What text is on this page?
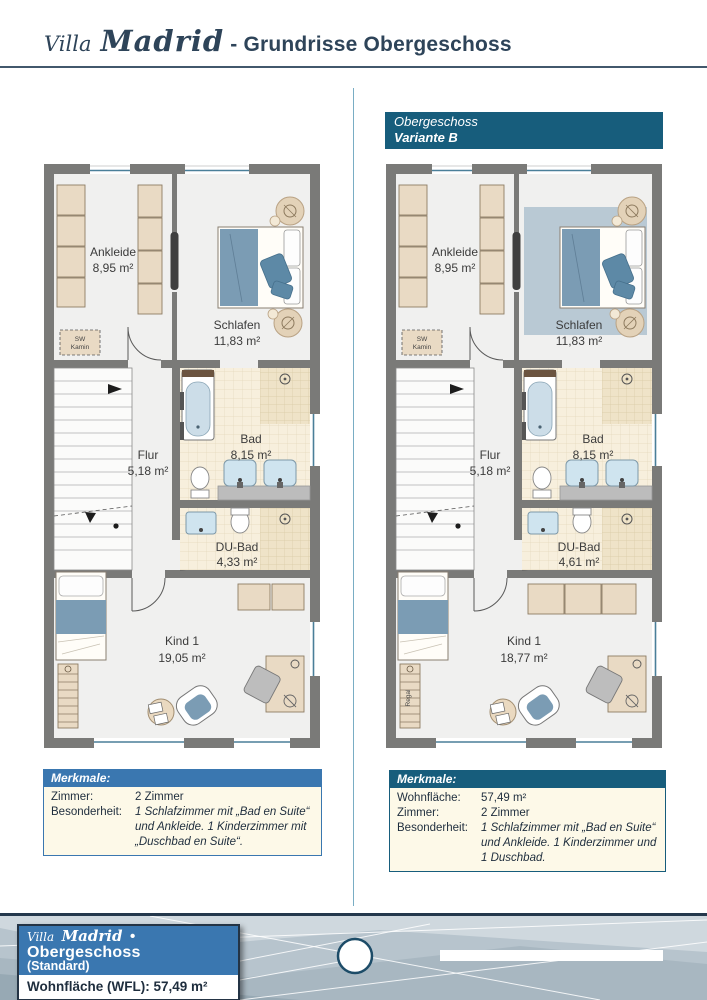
Villa Madrid - Grundrisse Obergeschoss
Obergeschoss
Variante B
Ankleide
8,95 m²
Schlafen
11,83 m²
Flur
5,18 m²
Bad
8,15 m²
DU-Bad
4,33 m²
Kind 1
19,05 m²
SW
Kamin
Ankleide
8,95 m²
Schlafen
11,83 m²
Flur
5,18 m²
Bad
8,15 m²
DU-Bad
4,61 m²
Kind 1
18,77 m²
SW
Kamin
Regal
Merkmale:
Zimmer:	2 Zimmer
Besonderheit:	1 Schlafzimmer mit „Bad en Suite“ und Ankleide. 1 Kinderzimmer mit „Duschbad en Suite“.
Merkmale:
Wohnfläche:	57,49 m²
Zimmer:	2 Zimmer
Besonderheit:	1 Schlafzimmer mit „Bad en Suite“ und Ankleide. 1 Kinderzimmer und 1 Duschbad.
Villa Madrid • Obergeschoss
(Standard)
Wohnfläche (WFL): 57,49 m²
